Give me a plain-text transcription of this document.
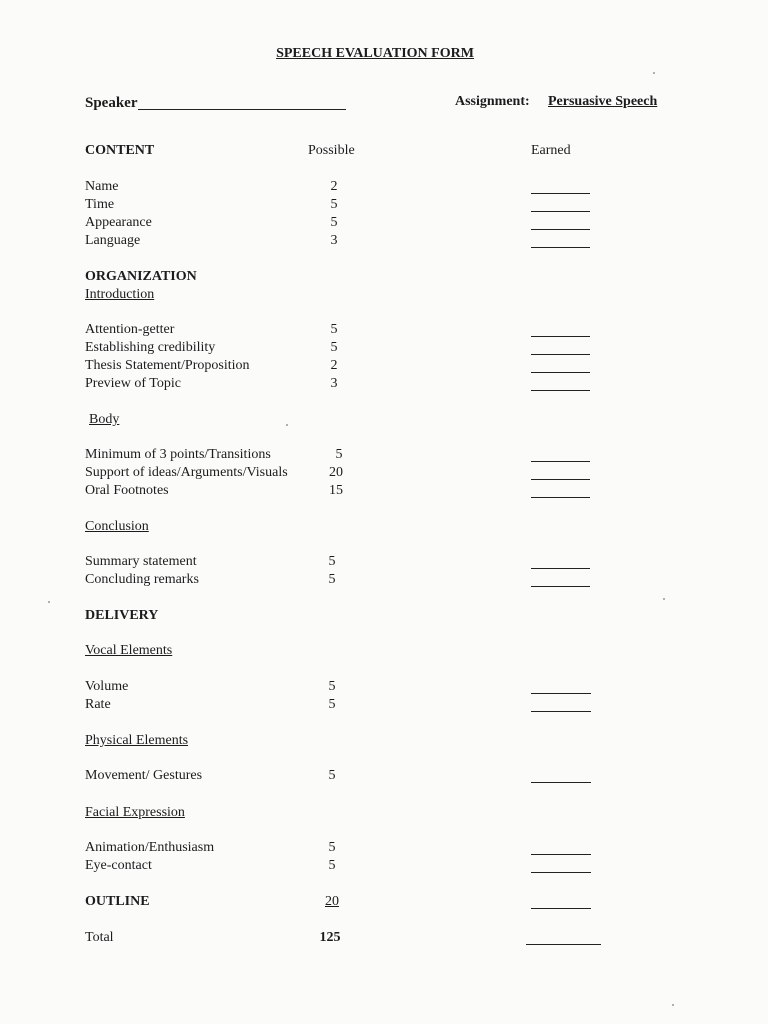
SPEECH EVALUATION FORM
Speaker	Assignment: Persuasive Speech
CONTENT	Possible	Earned
Name	2
Time	5
Appearance	5
Language	3
ORGANIZATION
Introduction
Attention-getter	5
Establishing credibility	5
Thesis Statement/Proposition	2
Preview of Topic	3
Body
Minimum of 3 points/Transitions	5
Support of ideas/Arguments/Visuals	20
Oral Footnotes	15
Conclusion
Summary statement	5
Concluding remarks	5
DELIVERY
Vocal Elements
Volume	5
Rate	5
Physical Elements
Movement/ Gestures	5
Facial Expression
Animation/Enthusiasm	5
Eye-contact	5
OUTLINE	20
Total	125
